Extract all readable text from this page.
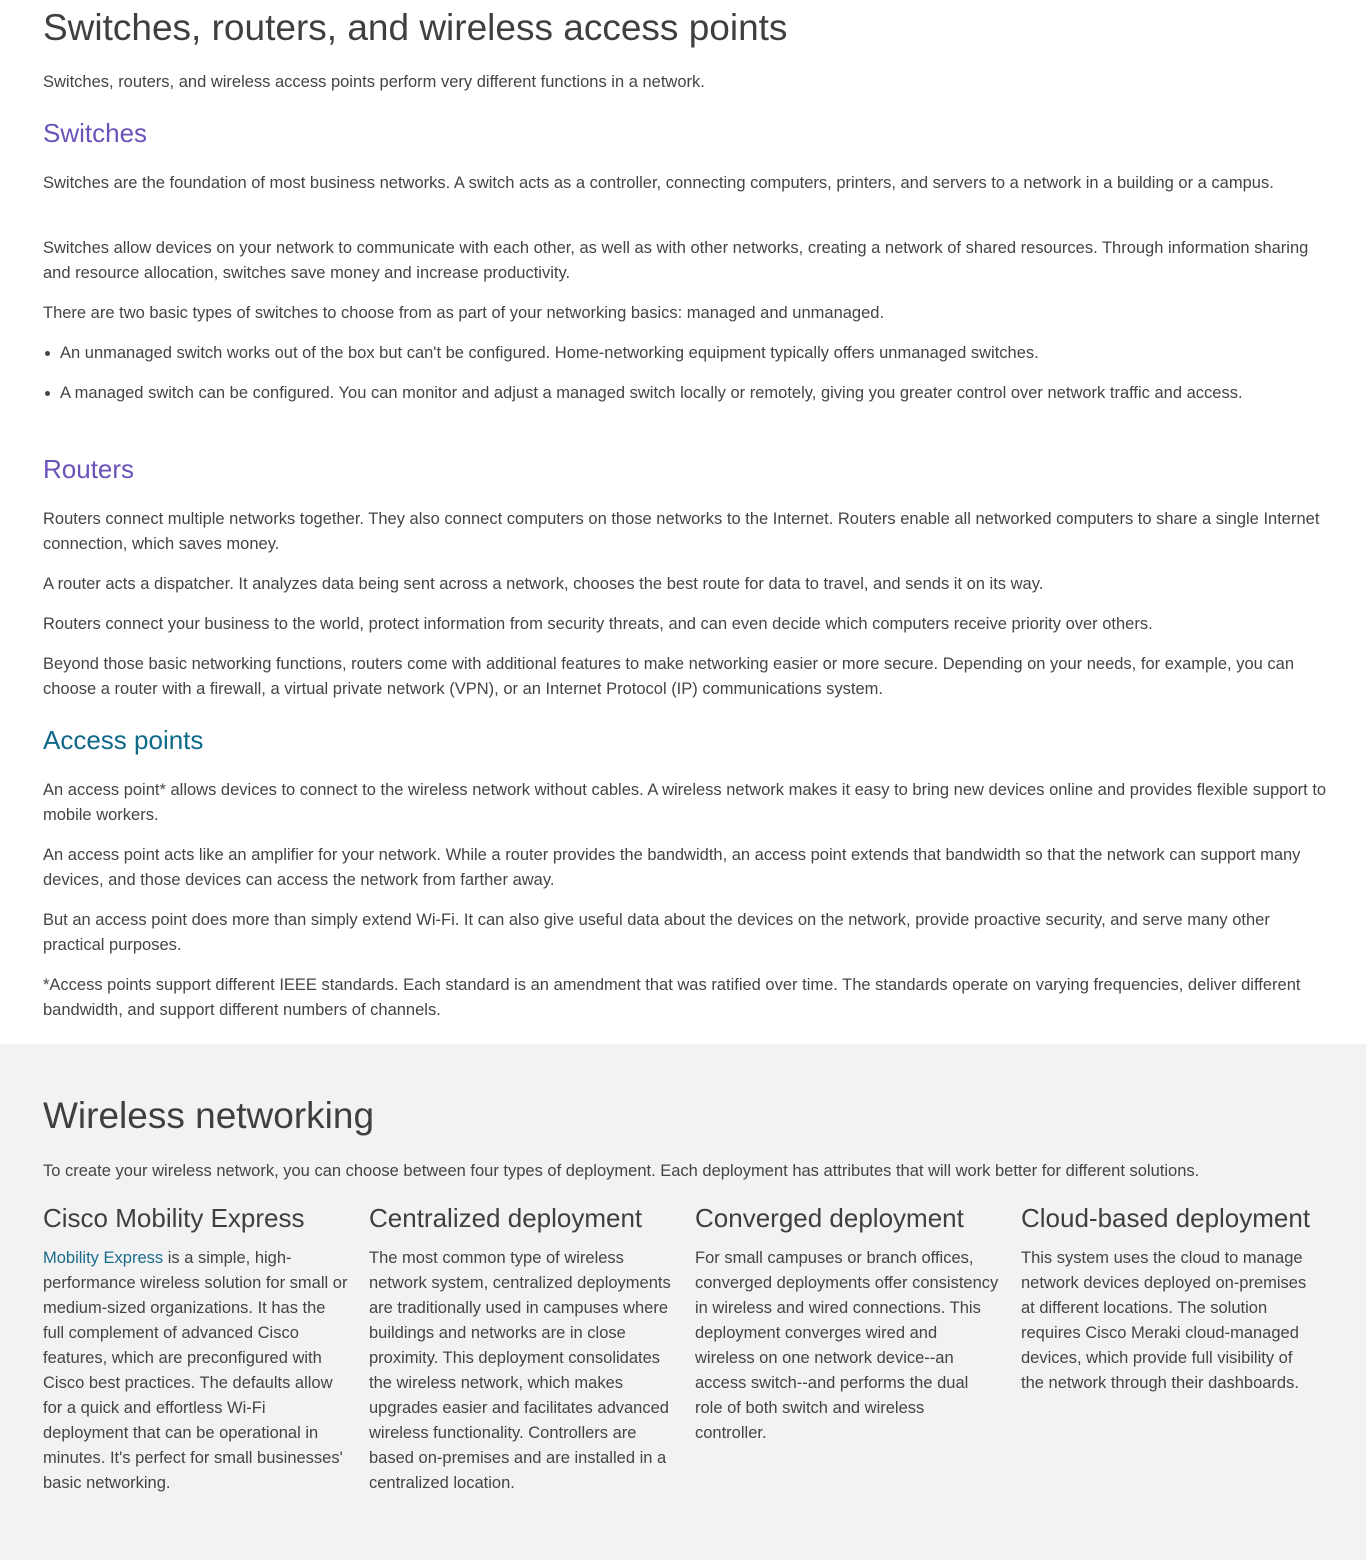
Switches, routers, and wireless access points

Switches, routers, and wireless access points perform very different functions in a network.

Switches

Switches are the foundation of most business networks. A switch acts as a controller, connecting computers, printers, and servers to a network in a building or a campus.

Switches allow devices on your network to communicate with each other, as well as with other networks, creating a network of shared resources. Through information sharing and resource allocation, switches save money and increase productivity.

There are two basic types of switches to choose from as part of your networking basics: managed and unmanaged.

An unmanaged switch works out of the box but can't be configured. Home-networking equipment typically offers unmanaged switches.
A managed switch can be configured. You can monitor and adjust a managed switch locally or remotely, giving you greater control over network traffic and access.
Routers

Routers connect multiple networks together. They also connect computers on those networks to the Internet. Routers enable all networked computers to share a single Internet connection, which saves money.

A router acts a dispatcher. It analyzes data being sent across a network, chooses the best route for data to travel, and sends it on its way.

Routers connect your business to the world, protect information from security threats, and can even decide which computers receive priority over others.

Beyond those basic networking functions, routers come with additional features to make networking easier or more secure. Depending on your needs, for example, you can choose a router with a firewall, a virtual private network (VPN), or an Internet Protocol (IP) communications system.

Access points

An access point* allows devices to connect to the wireless network without cables. A wireless network makes it easy to bring new devices online and provides flexible support to mobile workers.

An access point acts like an amplifier for your network. While a router provides the bandwidth, an access point extends that bandwidth so that the network can support many devices, and those devices can access the network from farther away.

But an access point does more than simply extend Wi-Fi. It can also give useful data about the devices on the network, provide proactive security, and serve many other practical purposes.

*Access points support different IEEE standards. Each standard is an amendment that was ratified over time. The standards operate on varying frequencies, deliver different bandwidth, and support different numbers of channels.

Wireless networking

To create your wireless network, you can choose between four types of deployment. Each deployment has attributes that will work better for different solutions.

Cisco Mobility Express
Mobility Express is a simple, high-performance wireless solution for small or medium-sized organizations. It has the full complement of advanced Cisco features, which are preconfigured with Cisco best practices. The defaults allow for a quick and effortless Wi-Fi deployment that can be operational in minutes. It's perfect for small businesses' basic networking.
Centralized deployment
The most common type of wireless network system, centralized deployments are traditionally used in campuses where buildings and networks are in close proximity. This deployment consolidates the wireless network, which makes upgrades easier and facilitates advanced wireless functionality. Controllers are based on-premises and are installed in a centralized location.
Converged deployment
For small campuses or branch offices, converged deployments offer consistency in wireless and wired connections. This deployment converges wired and wireless on one network device--an access switch--and performs the dual role of both switch and wireless controller.
Cloud-based deployment
This system uses the cloud to manage network devices deployed on-premises at different locations. The solution requires Cisco Meraki cloud-managed devices, which provide full visibility of the network through their dashboards.
